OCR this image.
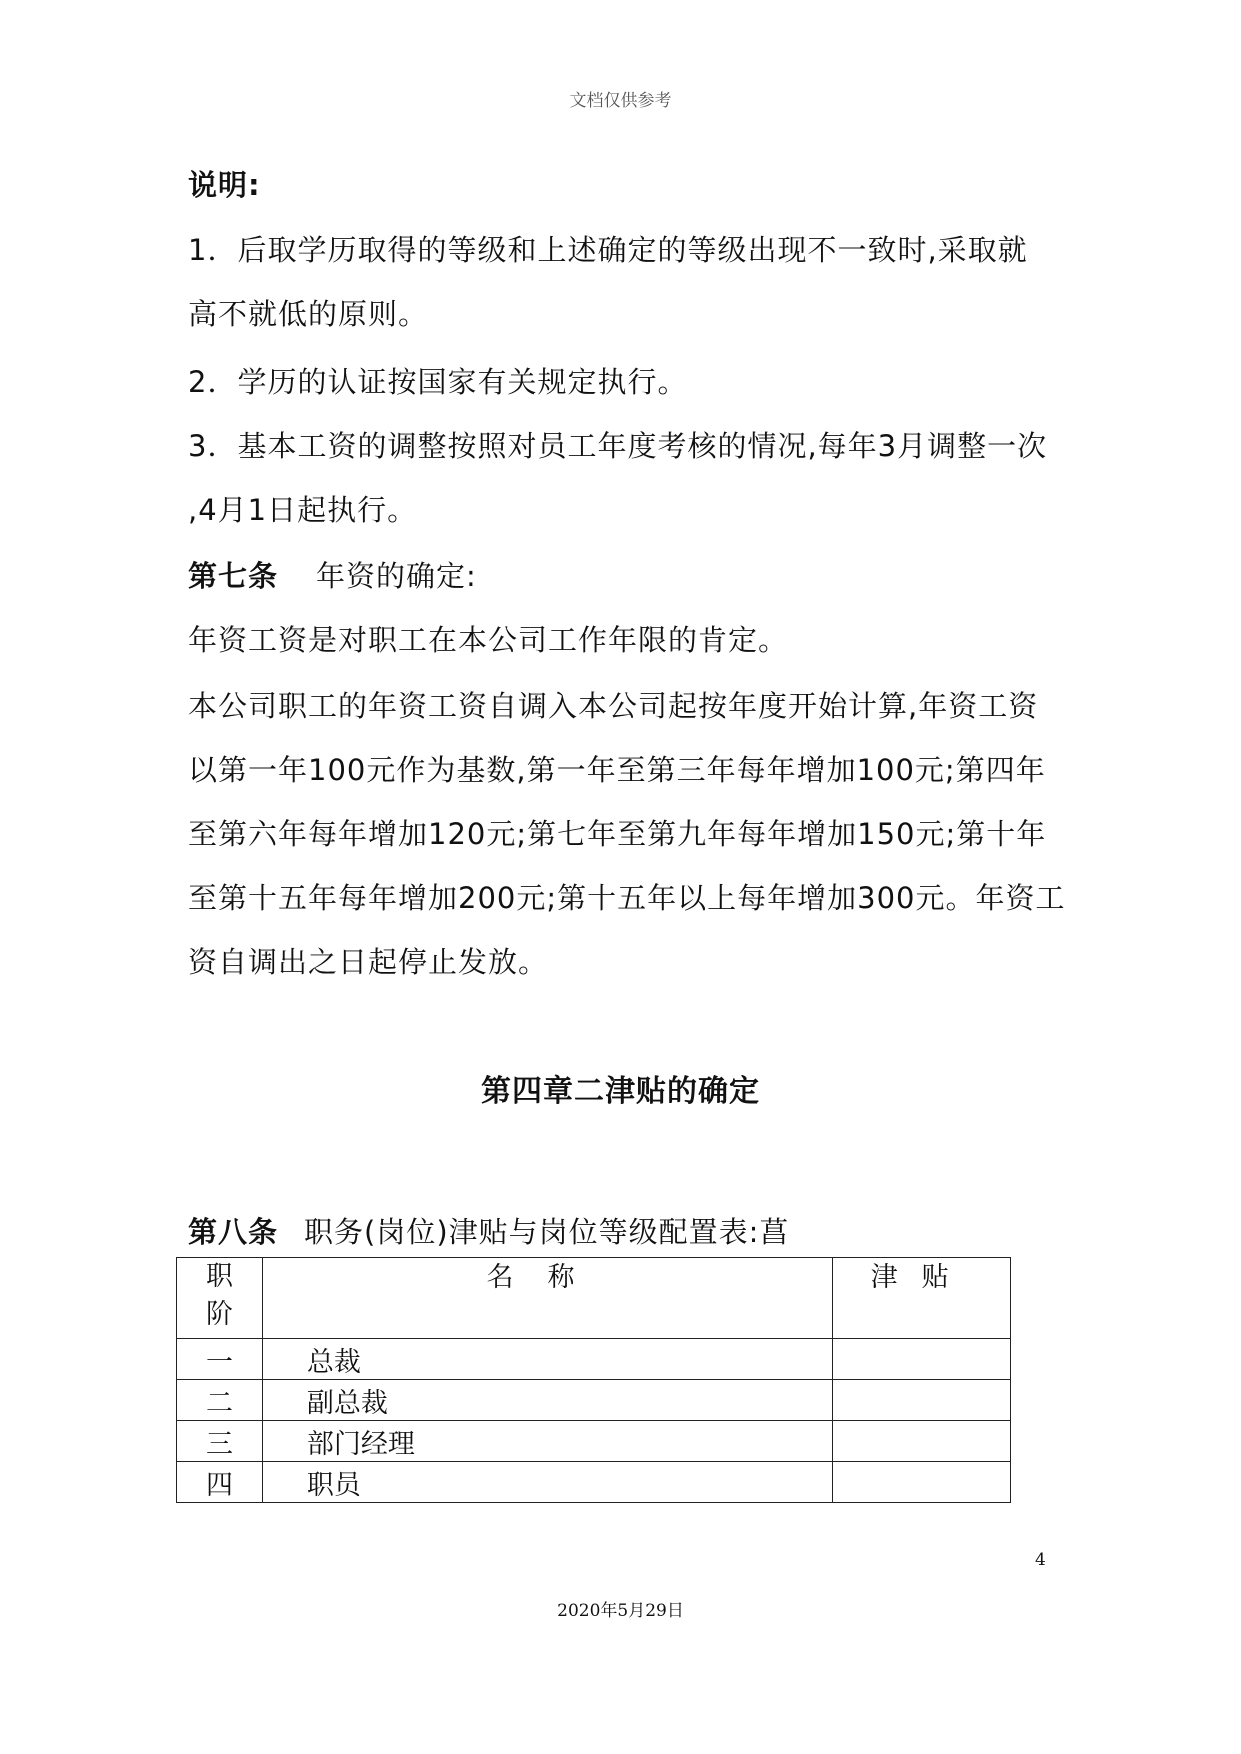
文档仅供参考
说明:
1．后取学历取得的等级和上述确定的等级出现不一致时,采取就
高不就低的原则。
2．学历的认证按国家有关规定执行。
3．基本工资的调整按照对员工年度考核的情况,每年3月调整一次
,4月1日起执行。
第七条 年资的确定:
年资工资是对职工在本公司工作年限的肯定。
本公司职工的年资工资自调入本公司起按年度开始计算,年资工资
以第一年100元作为基数,第一年至第三年每年增加100元;第四年
至第六年每年增加120元;第七年至第九年每年增加150元;第十年
至第十五年每年增加200元;第十五年以上每年增加300元。年资工
资自调出之日起停止发放。
第四章二津贴的确定
第八条 职务(岗位)津贴与岗位等级配置表:菖
职
阶	名称	津贴
一	总裁	
二	副总裁	
三	部门经理	
四	职员	
4
2020年5月29日
